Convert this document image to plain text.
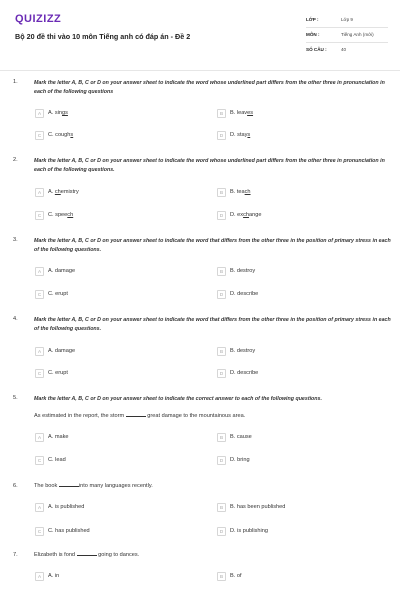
QUIZIZZ
Bộ 20 đề thi vào 10 môn Tiếng anh có đáp án - Đề 2
LỚP :	Lớp 9
MÔN :	Tiếng Anh (mới)
SỐ CÂU :	40
1.	Mark the letter A, B, C or D on your answer sheet to indicate the word whose underlined part differs from the other three in pronunciation in each of the following questions
A	A. sings	B	B. leaves
C	C. coughs	D	D. stays
2.	Mark the letter A, B, C or D on your answer sheet to indicate the word whose underlined part differs from the other three in pronunciation in each of the following questions.
A	A. chemistry	B	B. teach
C	C. speech	D	D. exchange
3.	Mark the letter A, B, C or D on your answer sheet to indicate the word that differs from the other three in the position of primary stress in each of the following questions.
A	A. damage	B	B. destroy
C	C. erupt	D	D. describe
4.	Mark the letter A, B, C or D on your answer sheet to indicate the word that differs from the other three in the position of primary stress in each of the following questions.
A	A. damage	B	B. destroy
C	C. erupt	D	D. describe
5.	Mark the letter A, B, C or D on your answer sheet to indicate the correct answer to each of the following questions.
As estimated in the report, the storm	great damage to the mountainous area.
A	A. make	B	B. cause
C	C. lead	D	D. bring
6.	The book	into many languages recently.
A	A. is published	B	B. has been published
C	C. has published	D	D. is publishing
7.	Elizabeth is fond	going to dances.
A	A. in	B	B. of
